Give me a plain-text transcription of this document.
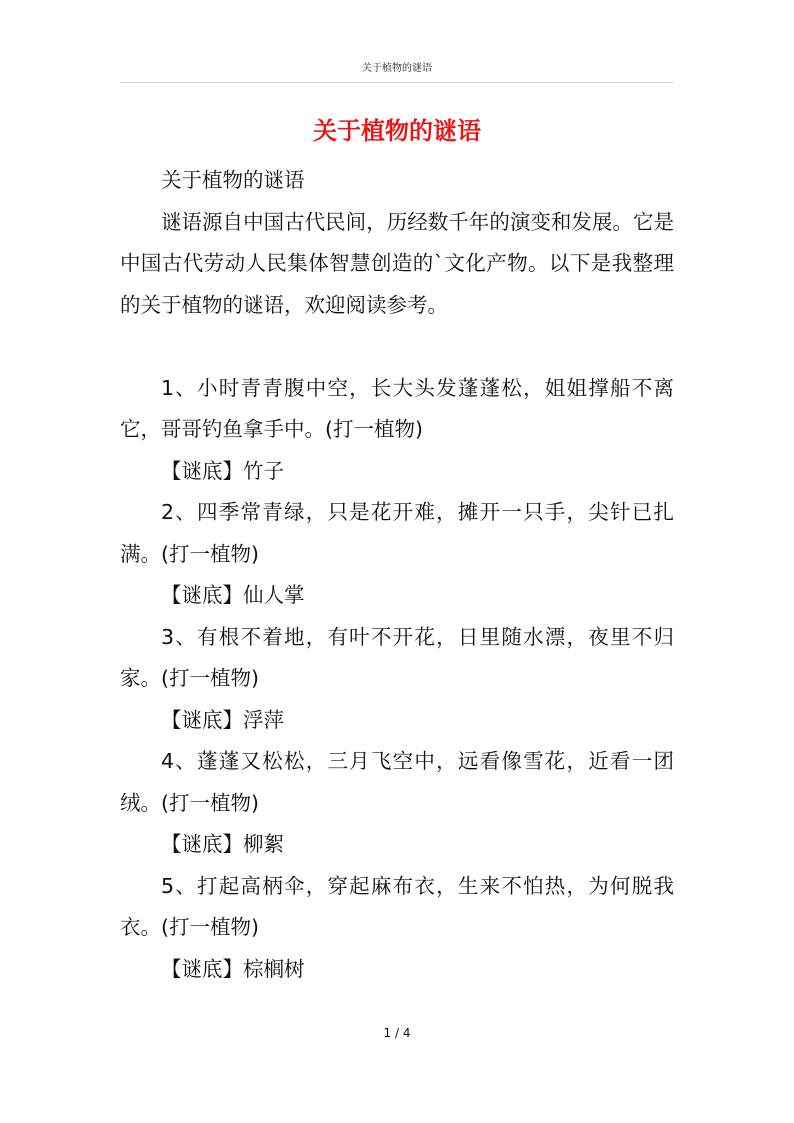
关于植物的谜语
关于植物的谜语

关于植物的谜语

谜语源自中国古代民间，历经数千年的演变和发展。它是中国古代劳动人民集体智慧创造的`文化产物。以下是我整理的关于植物的谜语，欢迎阅读参考。

1、小时青青腹中空，长大头发蓬蓬松，姐姐撑船不离它，哥哥钓鱼拿手中。(打一植物)

【谜底】竹子

2、四季常青绿，只是花开难，摊开一只手，尖针已扎满。(打一植物)

【谜底】仙人掌

3、有根不着地，有叶不开花，日里随水漂，夜里不归家。(打一植物)

【谜底】浮萍

4、蓬蓬又松松，三月飞空中，远看像雪花，近看一团绒。(打一植物)

【谜底】柳絮

5、打起高柄伞，穿起麻布衣，生来不怕热，为何脱我衣。(打一植物)

【谜底】棕榈树

1 / 4
